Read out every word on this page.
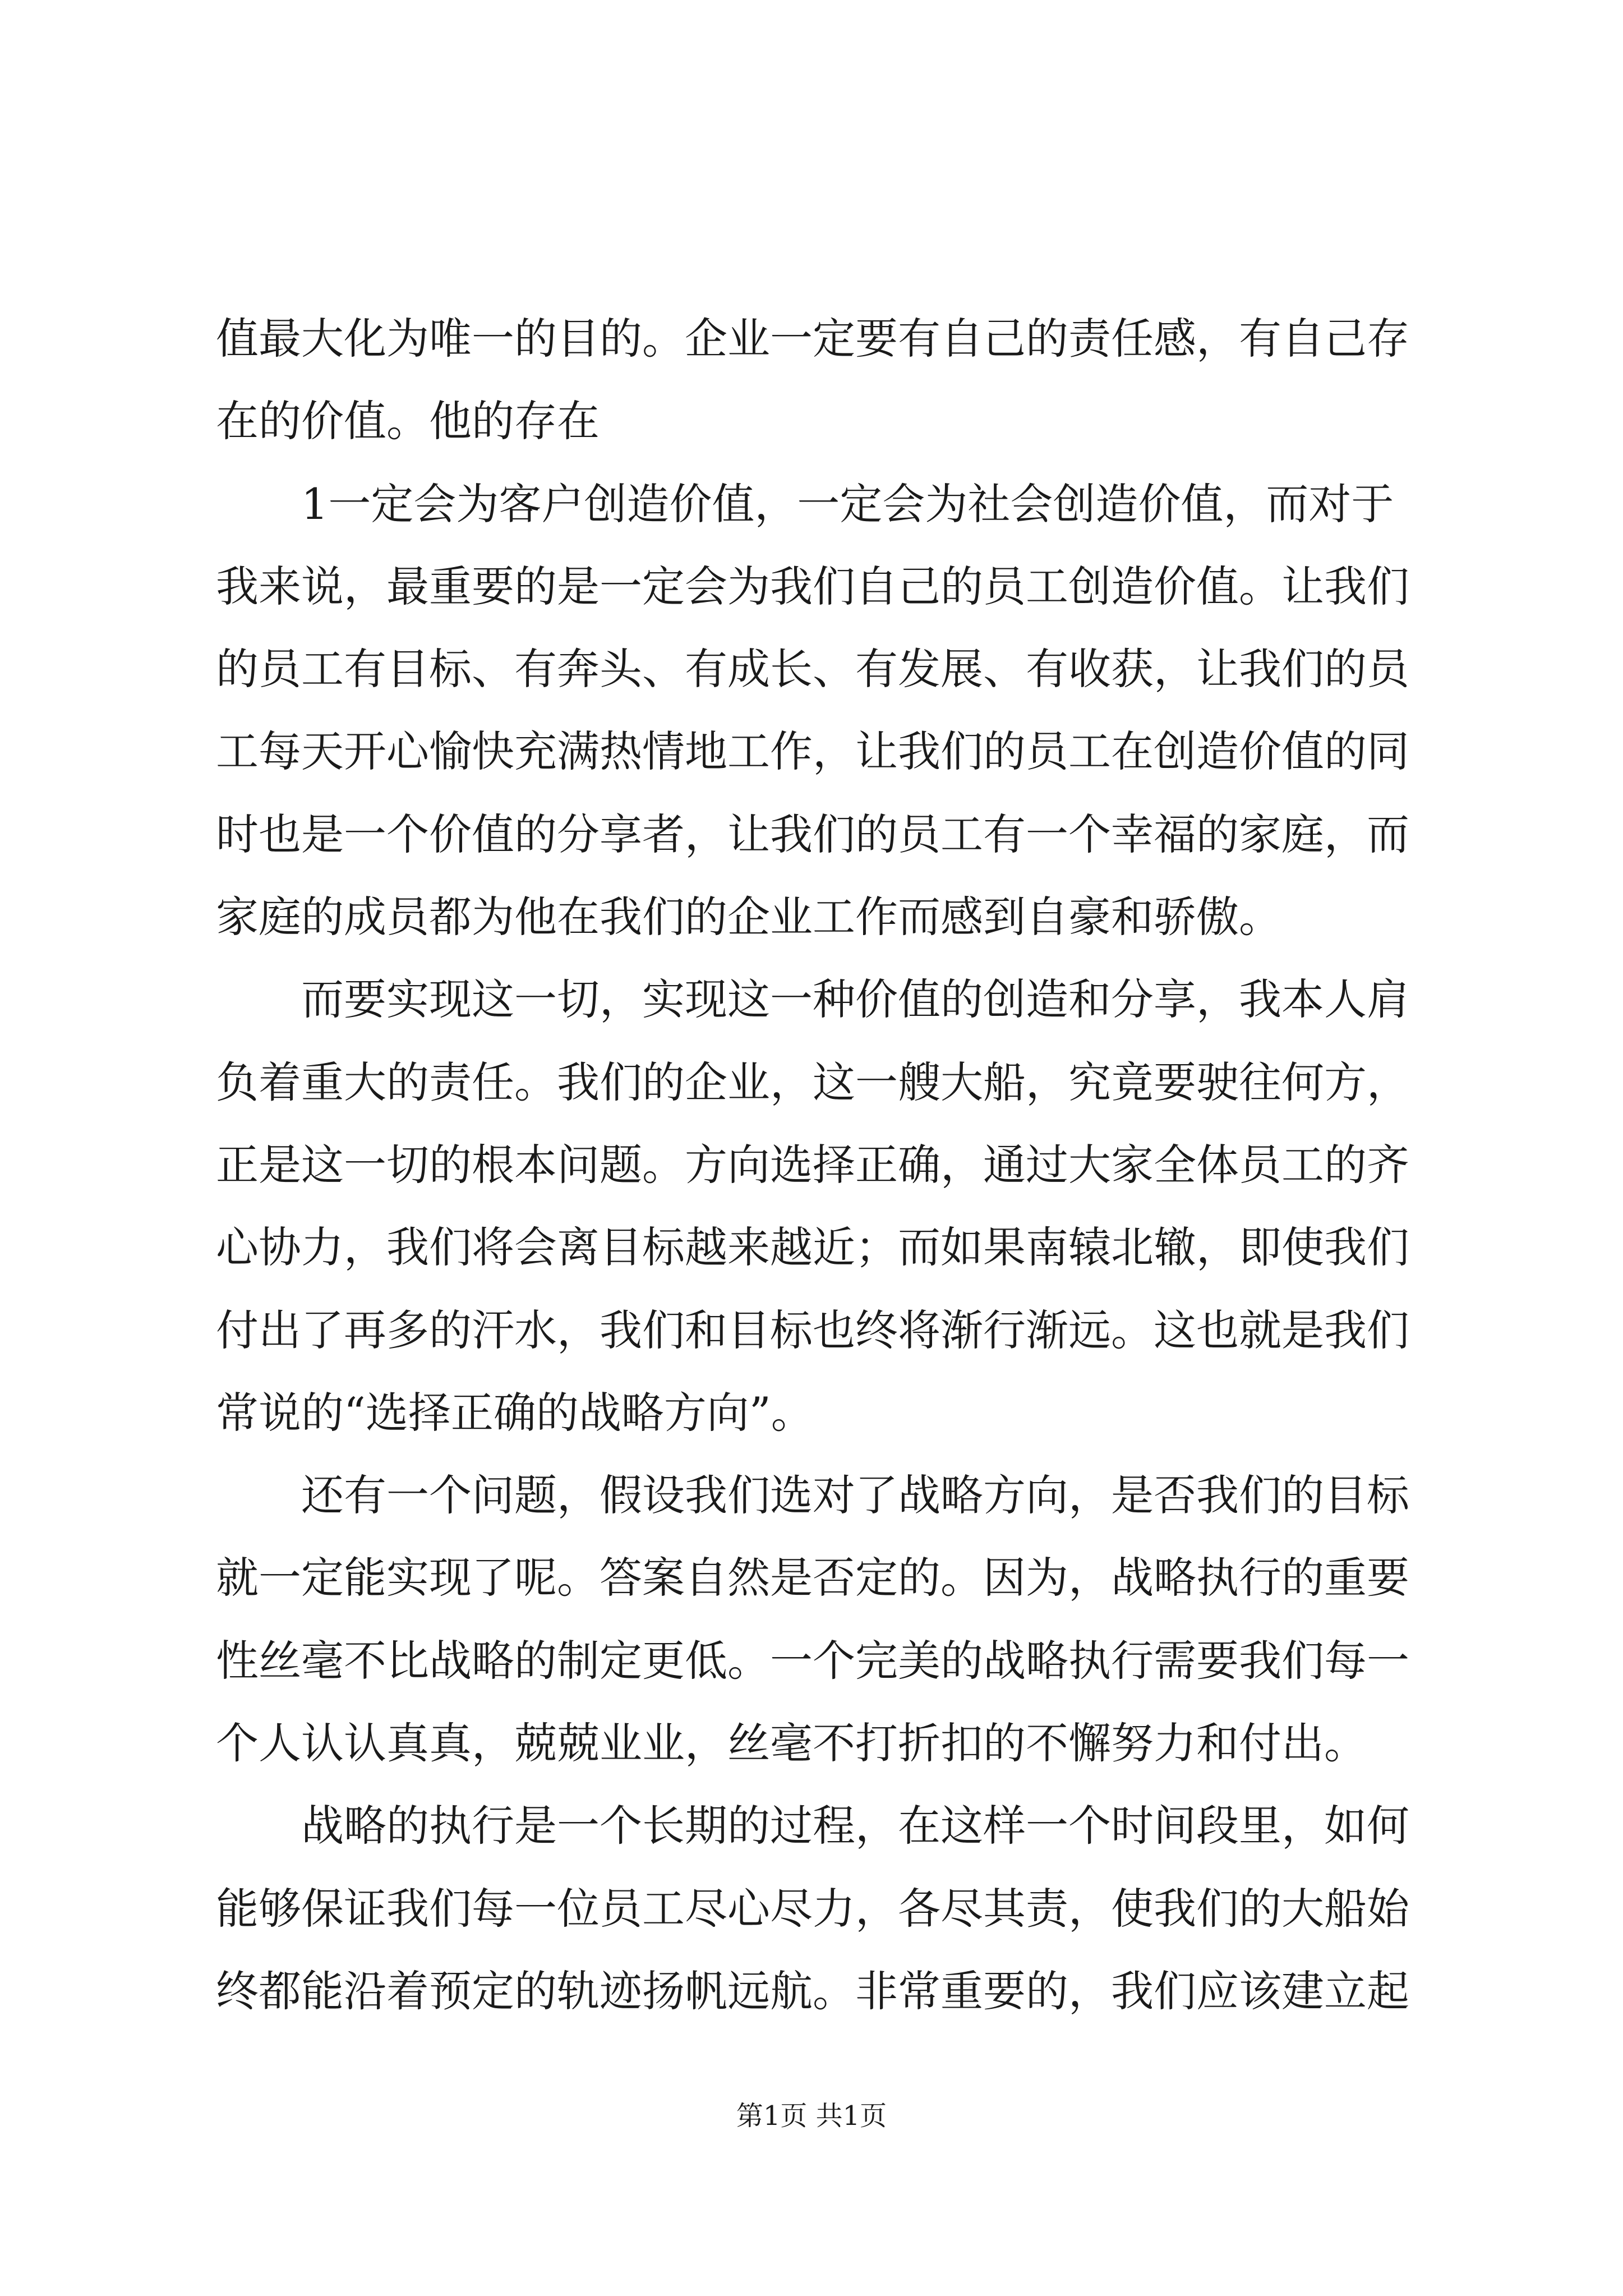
值最大化为唯一的目的。企业一定要有自己的责任感，有自己存
在的价值。他的存在
1一定会为客户创造价值，一定会为社会创造价值，而对于
我来说，最重要的是一定会为我们自己的员工创造价值。让我们
的员工有目标、有奔头、有成长、有发展、有收获，让我们的员
工每天开心愉快充满热情地工作，让我们的员工在创造价值的同
时也是一个价值的分享者，让我们的员工有一个幸福的家庭，而
家庭的成员都为他在我们的企业工作而感到自豪和骄傲。
而要实现这一切，实现这一种价值的创造和分享，我本人肩
负着重大的责任。我们的企业，这一艘大船，究竟要驶往何方，
正是这一切的根本问题。方向选择正确，通过大家全体员工的齐
心协力，我们将会离目标越来越近；而如果南辕北辙，即使我们
付出了再多的汗水，我们和目标也终将渐行渐远。这也就是我们
常说的“选择正确的战略方向”。
还有一个问题，假设我们选对了战略方向，是否我们的目标
就一定能实现了呢。答案自然是否定的。因为，战略执行的重要
性丝毫不比战略的制定更低。一个完美的战略执行需要我们每一
个人认认真真，兢兢业业，丝毫不打折扣的不懈努力和付出。
战略的执行是一个长期的过程，在这样一个时间段里，如何
能够保证我们每一位员工尽心尽力，各尽其责，使我们的大船始
终都能沿着预定的轨迹扬帆远航。非常重要的，我们应该建立起
第1页 共1页
